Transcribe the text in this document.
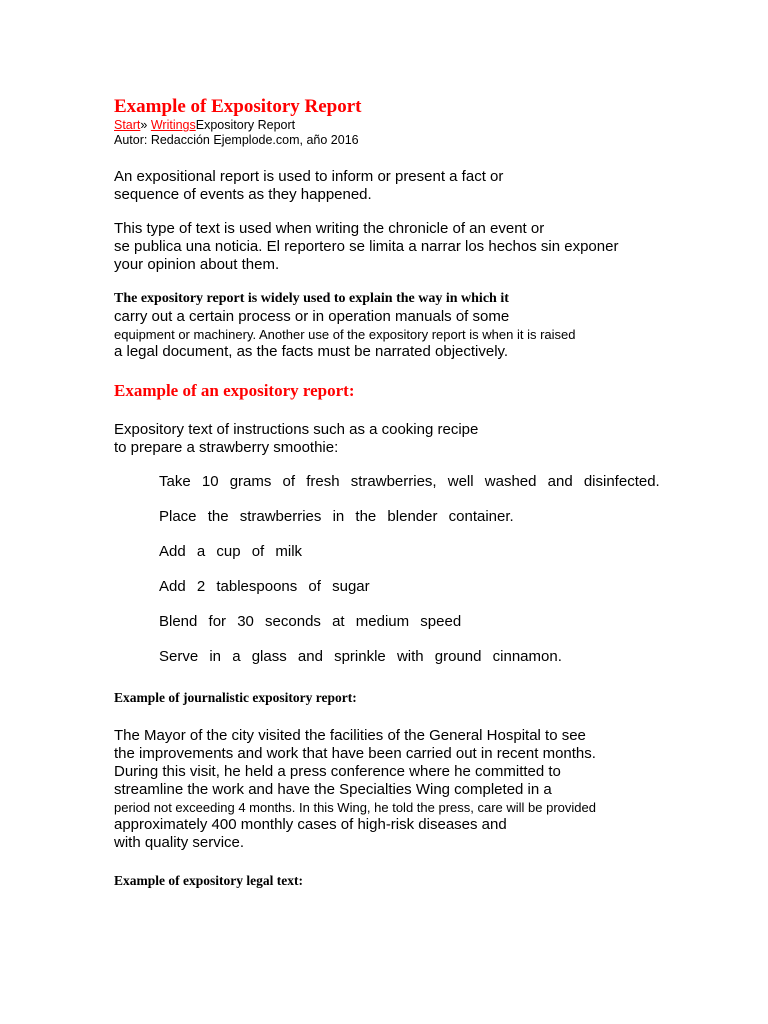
Example of Expository Report
Start» WritingsExpository Report
Autor: Redacción Ejemplode.com, año 2016

An expositional report is used to inform or present a fact or

sequence of events as they happened.

This type of text is used when writing the chronicle of an event or

se publica una noticia. El reportero se limita a narrar los hechos sin exponer

your opinion about them.

The expository report is widely used to explain the way in which it

carry out a certain process or in operation manuals of some

equipment or machinery. Another use of the expository report is when it is raised

a legal document, as the facts must be narrated objectively.

Example of an expository report:

Expository text of instructions such as a cooking recipe

to prepare a strawberry smoothie:

Take 10 grams of fresh strawberries, well washed and disinfected.
Place the strawberries in the blender container.
Add a cup of milk
Add 2 tablespoons of sugar
Blend for 30 seconds at medium speed
Serve in a glass and sprinkle with ground cinnamon.
Example of journalistic expository report:

The Mayor of the city visited the facilities of the General Hospital to see

the improvements and work that have been carried out in recent months.

During this visit, he held a press conference where he committed to

streamline the work and have the Specialties Wing completed in a

period not exceeding 4 months. In this Wing, he told the press, care will be provided

approximately 400 monthly cases of high-risk diseases and

with quality service.

Example of expository legal text:
